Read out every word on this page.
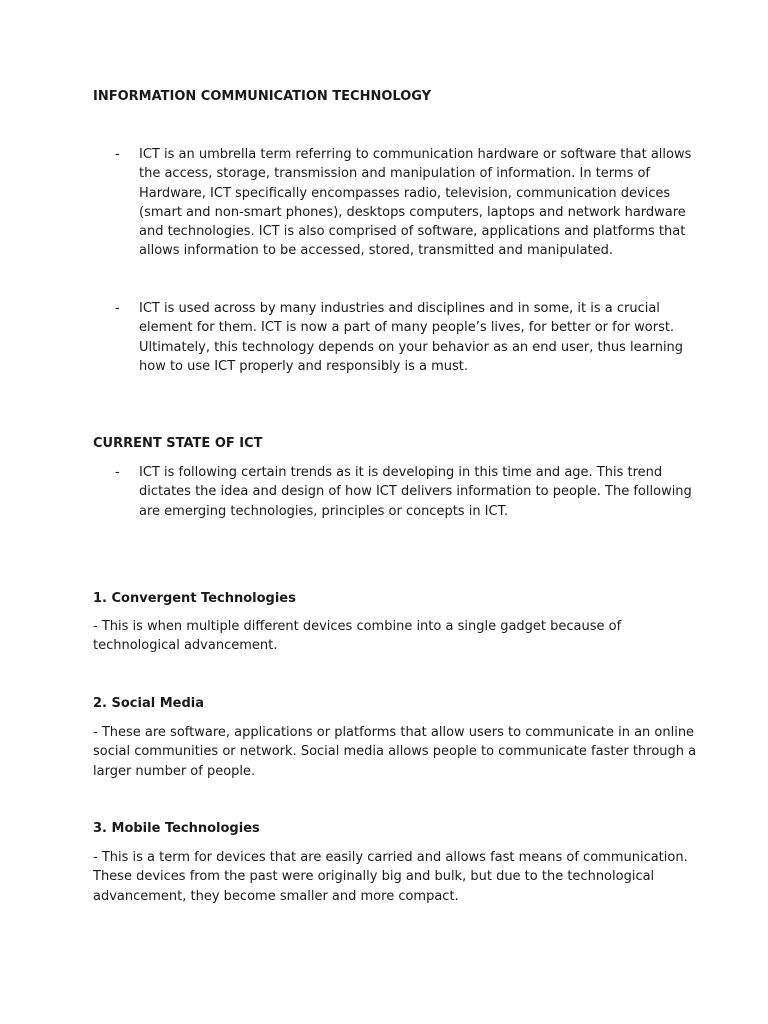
INFORMATION COMMUNICATION TECHNOLOGY
- ICT is an umbrella term referring to communication hardware or software that allows
the access, storage, transmission and manipulation of information. In terms of
Hardware, ICT specifically encompasses radio, television, communication devices
(smart and non-smart phones), desktops computers, laptops and network hardware
and technologies. ICT is also comprised of software, applications and platforms that
allows information to be accessed, stored, transmitted and manipulated.
- ICT is used across by many industries and disciplines and in some, it is a crucial
element for them. ICT is now a part of many people’s lives, for better or for worst.
Ultimately, this technology depends on your behavior as an end user, thus learning
how to use ICT properly and responsibly is a must.
CURRENT STATE OF ICT
- ICT is following certain trends as it is developing in this time and age. This trend
dictates the idea and design of how ICT delivers information to people. The following
are emerging technologies, principles or concepts in ICT.
1. Convergent Technologies
- This is when multiple different devices combine into a single gadget because of
technological advancement.
2. Social Media
- These are software, applications or platforms that allow users to communicate in an online
social communities or network. Social media allows people to communicate faster through a
larger number of people.
3. Mobile Technologies
- This is a term for devices that are easily carried and allows fast means of communication.
These devices from the past were originally big and bulk, but due to the technological
advancement, they become smaller and more compact.
